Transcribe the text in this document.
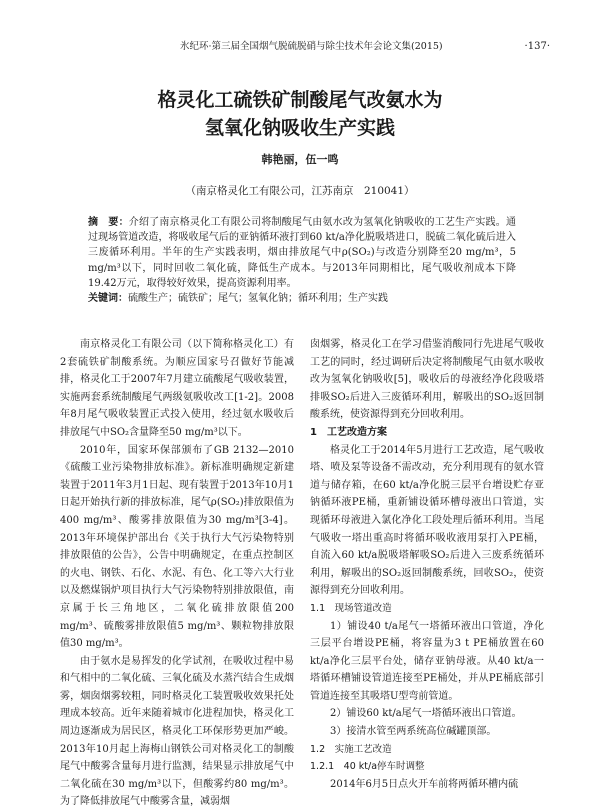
氷纪环·第三届全国烟气脱硫脱硝与除尘技术年会论文集(2015)	·137·
格灵化工硫铁矿制酸尾气改氨水为
氢氧化钠吸收生产实践
韩艳丽，伍一鸣
（南京格灵化工有限公司，江苏南京　210041）

摘　要：介绍了南京格灵化工有限公司将制酸尾气由氨水改为氢氧化钠吸收的工艺生产实践。通过现场管道改造，将吸收尾气后的亚钠循环液打到60 kt/a净化脱吸塔进口，脱硫二氧化硫后进入三废循环利用。半年的生产实践表明，烟由排放尾气中ρ(SO₂)与改造分别降至20 mg/m³，5 mg/m³以下，同时回收二氧化硫，降低生产成本。与2013年同期相比，尾气吸收剂成本下降19.42万元，取得较好效果，提高资源利用率。

关键词：硫酸生产；硫铁矿；尾气；氢氧化钠；循环利用；生产实践

南京格灵化工有限公司（以下简称格灵化工）有2套硫铁矿制酸系统。为顺应国家号召做好节能减排，格灵化工于2007年7月建立硫酸尾气吸收装置，实施两套系统制酸尾气两级氨吸收改工[1-2]。2008年8月尾气吸收装置正式投入使用，经过氨水吸收后排放尾气中SO₂含量降至50 mg/m³以下。

2010年，国家环保部颁布了GB 2132—2010《硫酸工业污染物排放标准》。新标准明确规定新建装置于2011年3月1日起、现有装置于2013年10月1日起开始执行新的排放标准，尾气ρ(SO₂)排放限值为400 mg/m³、酸雾排放限值为30 mg/m³[3-4]。2013年环境保护部出台《关于执行大气污染物特别排放限值的公告》，公告中明确规定，在重点控制区的火电、钢铁、石化、水泥、有色、化工等六大行业以及燃煤锅炉项目执行大气污染物特别排放限值，南京属于长三角地区，二氧化硫排放限值200 mg/m³、硫酸雾排放限值5 mg/m³、颗粒物排放限值30 mg/m³。

由于氨水是易挥发的化学试剂，在吸收过程中易和气相中的二氧化硫、三氧化硫及水蒸汽结合生成烟雾，烟囱烟雾较粗，同时格灵化工装置吸收效果托处理成本较高。近年来随着城市化进程加快，格灵化工周边逐渐成为居民区，格灵化工环保形势更加严峻。2013年10月起上海梅山钢铁公司对格灵化工的制酸尾气中酸雾含量每月进行监测，结果显示排放尾气中二氧化硫在30 mg/m³以下，但酸雾约80 mg/m³。为了降低排放尾气中酸雾含量，减弱烟

囱烟雾，格灵化工在学习借鉴消酸同行先进尾气吸收工艺的同时，经过调研后决定将制酸尾气由氨水吸收改为氢氧化钠吸收[5]，吸收后的母液经净化段吸塔排吸SO₂后进入三废循环利用，解吸出的SO₂返回制酸系统，使资源得到充分回收利用。

1　工艺改造方案

格灵化工于2014年5月进行工艺改造，尾气吸收塔、喷及泵等设备不需改动，充分利用现有的氨水管道与储存箱，在60 kt/a净化脱三层平台增设贮存亚钠循环液PE桶，重新铺设循环槽母液出口管道，实现循环母液进入氯化净化工段处理后循环利用。当尾气吸收一塔出重高时将循环吸收液用泵打入PE桶，自流入60 kt/a脱吸塔解吸SO₂后进入三废系统循环利用，解吸出的SO₂返回制酸系统，回收SO₂，使资源得到充分回收利用。

1.1　现场管道改造

1）铺设40 t/a尾气一塔循环液出口管道，净化三层平台增设PE桶，将容量为3 t PE桶放置在60 kt/a净化三层平台处，储存亚钠母液。从40 kt/a一塔循环槽铺设管道连接至PE桶处，并从PE桶底部引管道连接至其吸塔U型弯前管道。

2）铺设60 kt/a尾气一塔循环液出口管道。

3）接清水管至两系统高位碱罐顶部。

1.2　实施工艺改造

1.2.1　40 kt/a停车时调整

2014年6月5日点火开车前将两循环槽内硫
